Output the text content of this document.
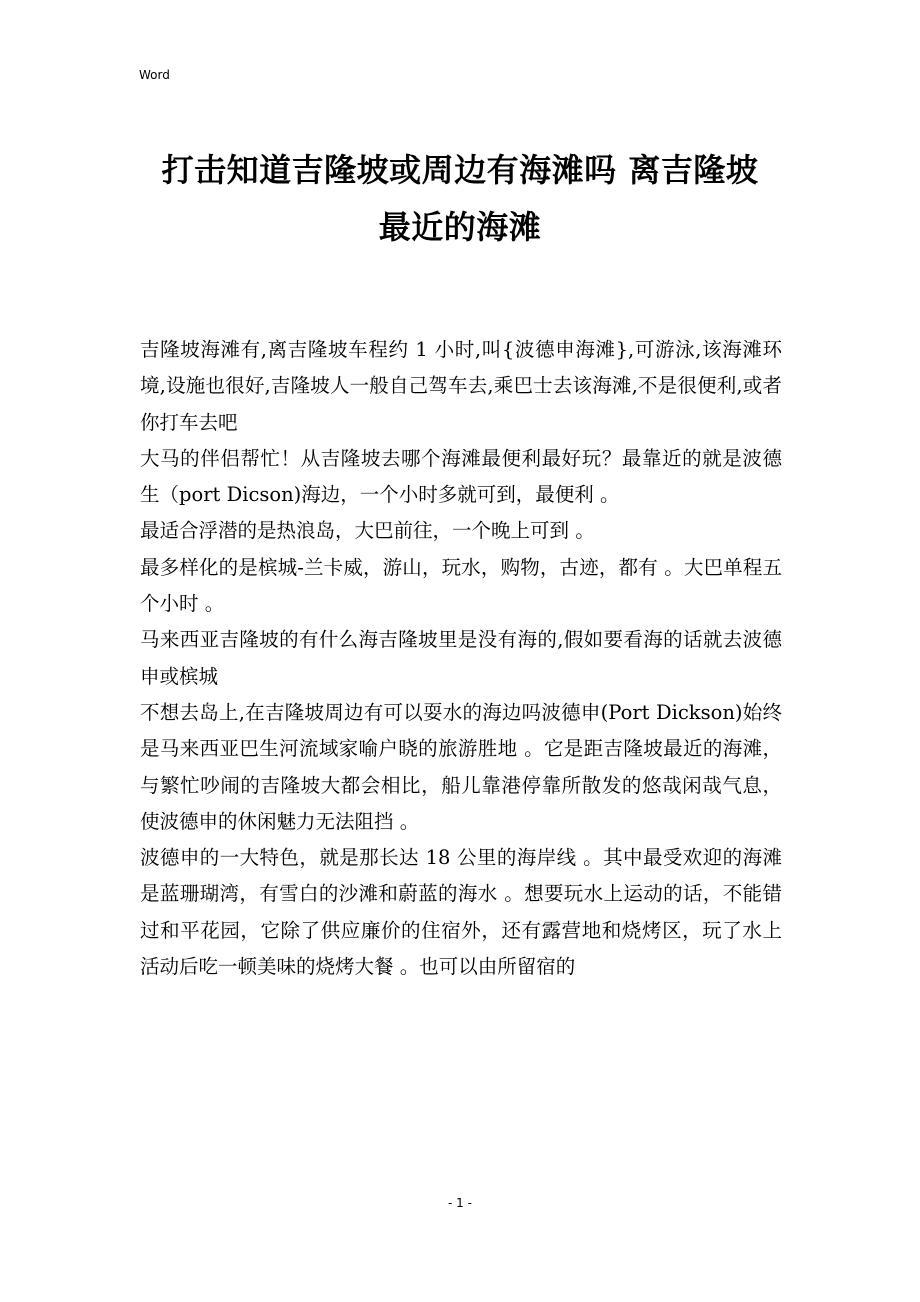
Word
打击知道吉隆坡或周边有海滩吗 离吉隆坡
最近的海滩

吉隆坡海滩有,离吉隆坡车程约 1 小时,叫{波德申海滩},可游泳,该海滩环境,设施也很好,吉隆坡人一般自己驾车去,乘巴士去该海滩,不是很便利,或者你打车去吧

大马的伴侣帮忙！从吉隆坡去哪个海滩最便利最好玩？最靠近的就是波德生（port Dicson)海边，一个小时多就可到，最便利 。

最适合浮潜的是热浪岛，大巴前往，一个晚上可到 。

最多样化的是槟城-兰卡威，游山，玩水，购物，古迹，都有 。大巴单程五个小时 。

马来西亚吉隆坡的有什么海吉隆坡里是没有海的,假如要看海的话就去波德申或槟城

不想去岛上,在吉隆坡周边有可以耍水的海边吗波德申(Port Dickson)始终是马来西亚巴生河流域家喻户晓的旅游胜地 。它是距吉隆坡最近的海滩，与繁忙吵闹的吉隆坡大都会相比，船儿靠港停靠所散发的悠哉闲哉气息，使波德申的休闲魅力无法阻挡 。

波德申的一大特色，就是那长达 18 公里的海岸线 。其中最受欢迎的海滩是蓝珊瑚湾，有雪白的沙滩和蔚蓝的海水 。想要玩水上运动的话，不能错过和平花园，它除了供应廉价的住宿外，还有露营地和烧烤区，玩了水上活动后吃一顿美味的烧烤大餐 。也可以由所留宿的

- 1 -
